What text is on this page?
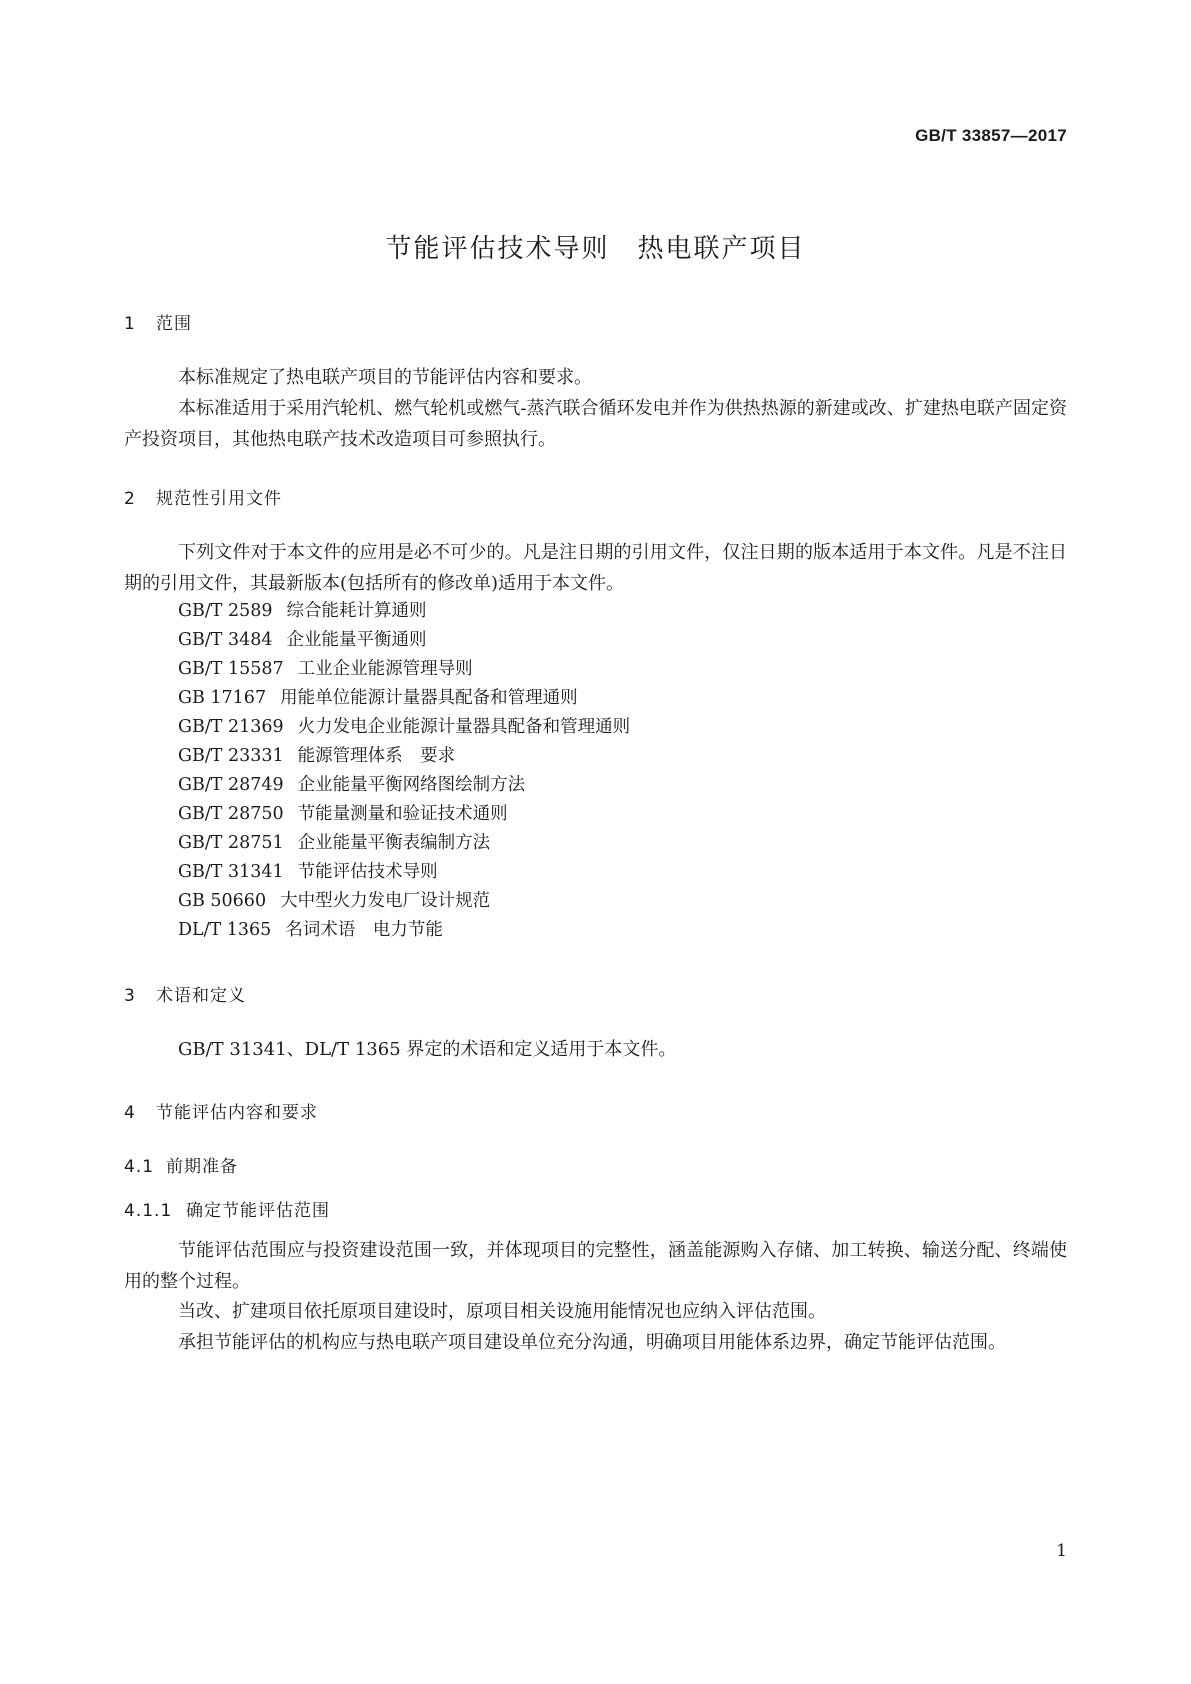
GB/T 33857—2017
节能评估技术导则　热电联产项目
1 范围
本标准规定了热电联产项目的节能评估内容和要求。
本标准适用于采用汽轮机、燃气轮机或燃气-蒸汽联合循环发电并作为供热热源的新建或改、扩建热电联产固定资产投资项目，其他热电联产技术改造项目可参照执行。
2 规范性引用文件
下列文件对于本文件的应用是必不可少的。凡是注日期的引用文件，仅注日期的版本适用于本文件。凡是不注日期的引用文件，其最新版本(包括所有的修改单)适用于本文件。
GB/T 2589 综合能耗计算通则
GB/T 3484 企业能量平衡通则
GB/T 15587 工业企业能源管理导则
GB 17167 用能单位能源计量器具配备和管理通则
GB/T 21369 火力发电企业能源计量器具配备和管理通则
GB/T 23331 能源管理体系　要求
GB/T 28749 企业能量平衡网络图绘制方法
GB/T 28750 节能量测量和验证技术通则
GB/T 28751 企业能量平衡表编制方法
GB/T 31341 节能评估技术导则
GB 50660 大中型火力发电厂设计规范
DL/T 1365 名词术语　电力节能
3 术语和定义
GB/T 31341、DL/T 1365 界定的术语和定义适用于本文件。
4 节能评估内容和要求
4.1 前期准备
4.1.1 确定节能评估范围
节能评估范围应与投资建设范围一致，并体现项目的完整性，涵盖能源购入存储、加工转换、输送分配、终端使用的整个过程。
当改、扩建项目依托原项目建设时，原项目相关设施用能情况也应纳入评估范围。
承担节能评估的机构应与热电联产项目建设单位充分沟通，明确项目用能体系边界，确定节能评估范围。
1
